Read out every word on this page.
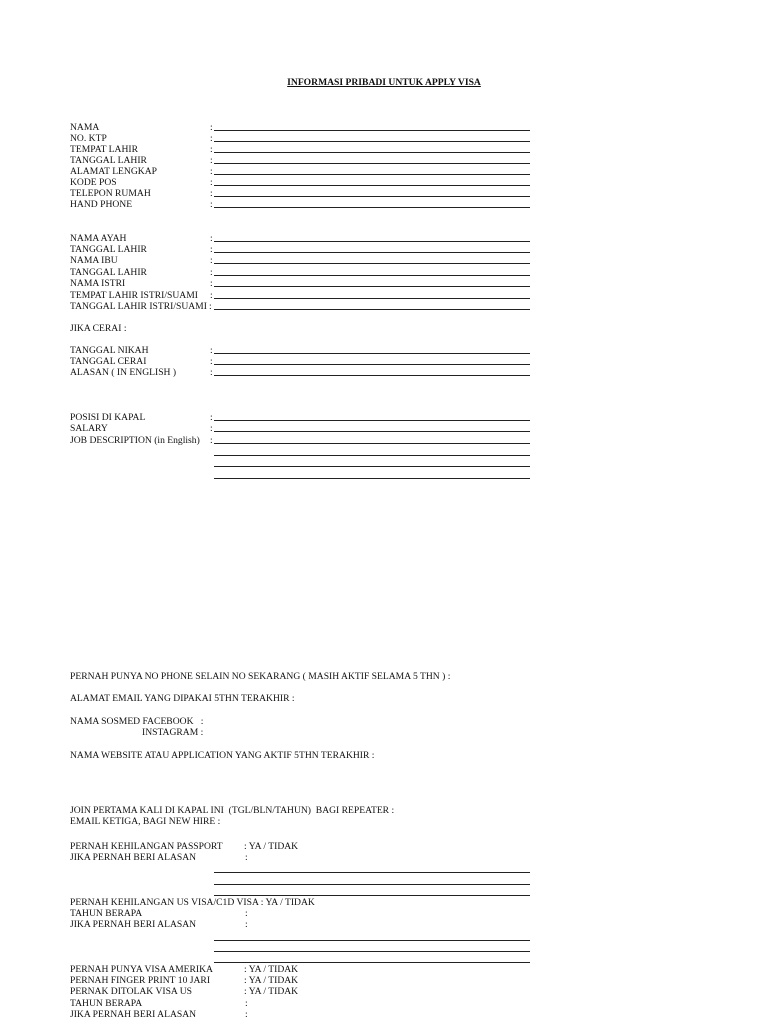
INFORMASI PRIBADI UNTUK APPLY VISA
NAMA	:
NO. KTP	:
TEMPAT LAHIR	:
TANGGAL LAHIR	:
ALAMAT LENGKAP	:
KODE POS	:
TELEPON RUMAH	:
HAND PHONE	:
NAMA AYAH	:
TANGGAL LAHIR	:
NAMA IBU	:
TANGGAL LAHIR	:
NAMA ISTRI	:
TEMPAT LAHIR ISTRI/SUAMI :
TANGGAL LAHIR ISTRI/SUAMI :
JIKA CERAI :
TANGGAL NIKAH	:
TANGGAL CERAI	:
ALASAN ( IN ENGLISH )	:
POSISI DI KAPAL	:
SALARY	:
JOB DESCRIPTION (in English) :
PERNAH PUNYA NO PHONE SELAIN NO SEKARANG ( MASIH AKTIF SELAMA 5 THN ) :
ALAMAT EMAIL YANG DIPAKAI 5THN TERAKHIR :
NAMA SOSMED FACEBOOK   :
INSTAGRAM :
NAMA WEBSITE ATAU APPLICATION YANG AKTIF 5THN TERAKHIR :
JOIN PERTAMA KALI DI KAPAL INI  (TGL/BLN/TAHUN)  BAGI REPEATER :
EMAIL KETIGA, BAGI NEW HIRE :
PERNAH KEHILANGAN PASSPORT : YA / TIDAK
JIKA PERNAH BERI ALASAN	:
PERNAH KEHILANGAN US VISA/C1D VISA : YA / TIDAK
TAHUN BERAPA	:
JIKA PERNAH BERI ALASAN	:
PERNAH PUNYA VISA AMERIKA	: YA / TIDAK
PERNAH FINGER PRINT 10 JARI	: YA / TIDAK
PERNAK DITOLAK VISA US	: YA / TIDAK
TAHUN BERAPA	:
JIKA PERNAH BERI ALASAN	:
